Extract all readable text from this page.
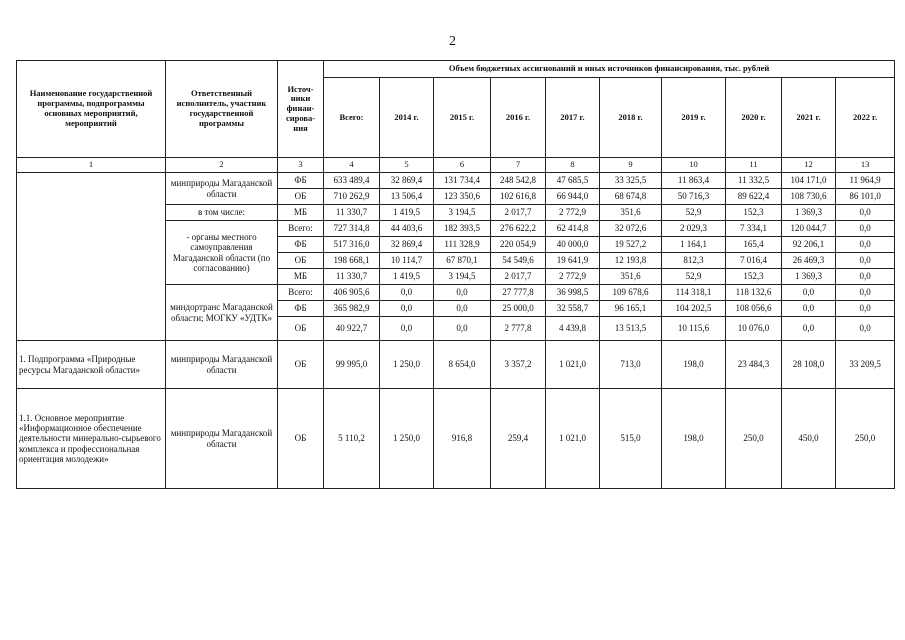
2
Наименование государственной программы, подпрограммы основных мероприятий, мероприятий	Ответственный исполнитель, участник государственной программы	Источ-ники финан-сирова-ния	Объем бюджетных ассигнований и иных источников финансирования, тыс. рублей									
			Всего:	2014 г.	2015 г.	2016 г.	2017 г.	2018 г.	2019 г.	2020 г.	2021 г.	2022 г.
1	2	3	4	5	6	7	8	9	10	11	12	13
	минприроды Магаданской области	ФБ	633 489,4	32 869,4	131 734,4	248 542,8	47 685,5	33 325,5	11 863,4	11 332,5	104 171,0	11 964,9
		ОБ	710 262,9	13 506,4	123 350,6	102 616,8	66 944,0	68 674,8	50 716,3	89 622,4	108 730,6	86 101,0
	в том числе:	МБ	11 330,7	1 419,5	3 194,5	2 017,7	2 772,9	351,6	52,9	152,3	1 369,3	0,0
	- органы местного самоуправления Магаданской области (по согласованию)	Всего:	727 314,8	44 403,6	182 393,5	276 622,2	62 414,8	32 072,6	2 029,3	7 334,1	120 044,7	0,0
		ФБ	517 316,0	32 869,4	111 328,9	220 054,9	40 000,0	19 527,2	1 164,1	165,4	92 206,1	0,0
		ОБ	198 668,1	10 114,7	67 870,1	54 549,6	19 641,9	12 193,8	812,3	7 016,4	26 469,3	0,0
		МБ	11 330,7	1 419,5	3 194,5	2 017,7	2 772,9	351,6	52,9	152,3	1 369,3	0,0
	миндортранс Магаданской области; МОГКУ «УДТК»	Всего:	406 905,6	0,0	0,0	27 777,8	36 998,5	109 678,6	114 318,1	118 132,6	0,0	0,0
		ФБ	365 982,9	0,0	0,0	25 000,0	32 558,7	96 165,1	104 202,5	108 056,6	0,0	0,0
		ОБ	40 922,7	0,0	0,0	2 777,8	4 439,8	13 513,5	10 115,6	10 076,0	0,0	0,0
1. Подпрограмма «Природные ресурсы Магаданской области»	минприроды Магаданской области	ОБ	99 995,0	1 250,0	8 654,0	3 357,2	1 021,0	713,0	198,0	23 484,3	28 108,0	33 209,5
1.1. Основное мероприятие «Информационное обеспечение деятельности минерально-сырьевого комплекса и профессиональная ориентация молодежи»	минприроды Магаданской области	ОБ	5 110,2	1 250,0	916,8	259,4	1 021,0	515,0	198,0	250,0	450,0	250,0
